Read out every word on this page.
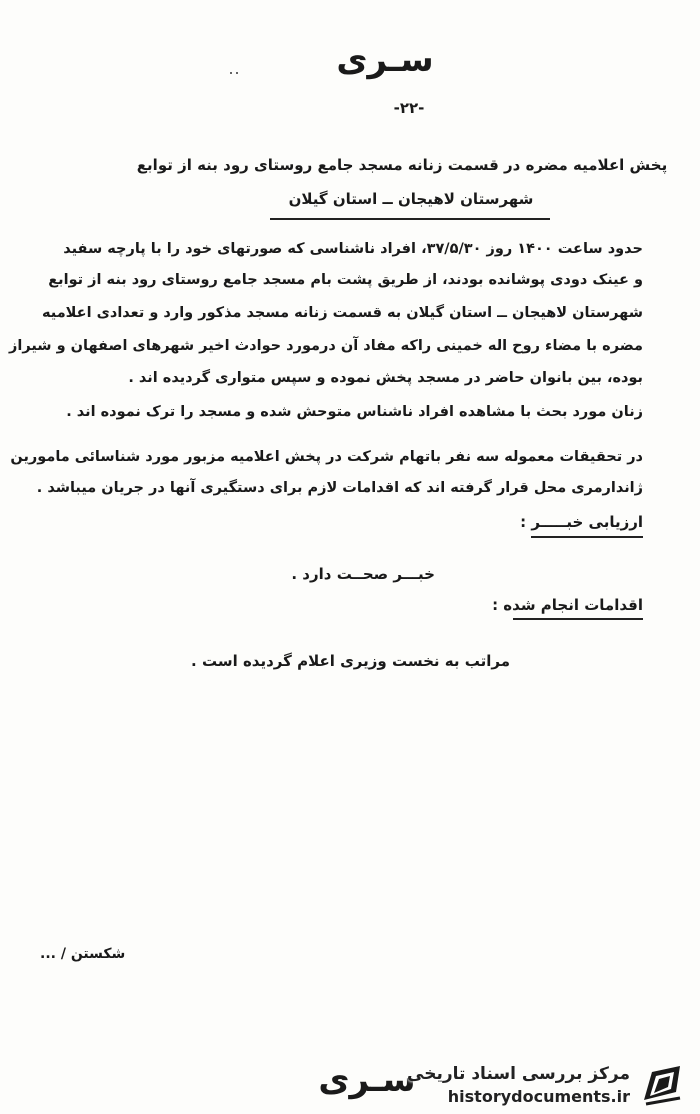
سـری
-۲۲-
پخش اعلامیه مضره در قسمت زنانه مسجد جامع روستای رود بنه از توابع
شهرستان لاهیجان ــ استان گیلان
حدود ساعت ۱۴۰۰ روز ۳۷/۵/۳۰، افراد ناشناسی که صورتهای خود را با پارچه سفید
و عینک دودی پوشانده بودند، از طریق پشت بام مسجد جامع روستای رود بنه از توابع
شهرستان لاهیجان ــ استان گیلان به قسمت زنانه مسجد مذکور وارد و تعدادی اعلامیه
مضره با مضاء روح اله خمینی راکه مفاد آن درمورد حوادث اخیر شهرهای اصفهان و شیراز
بوده، بین بانوان حاضر در مسجد پخش نموده و سپس متواری گردیده اند .
زنان مورد بحث با مشاهده افراد ناشناس متوحش شده و مسجد را ترک نموده اند .
در تحقیقات معموله سه نفر باتهام شرکت در پخش اعلامیه مزبور مورد شناسائی مامورین
ژاندارمری محل قرار گرفته اند که اقدامات لازم برای دستگیری آنها در جریان میباشد .
ارزیابی خبـــــر :
خبـــر صحــت دارد .
اقدامات انجام شده :
مراتب به نخست وزیری اعلام گردیده است .
شکستن / ...
سـری
مرکز بررسی اسناد تاریخی
historydocuments.ir
